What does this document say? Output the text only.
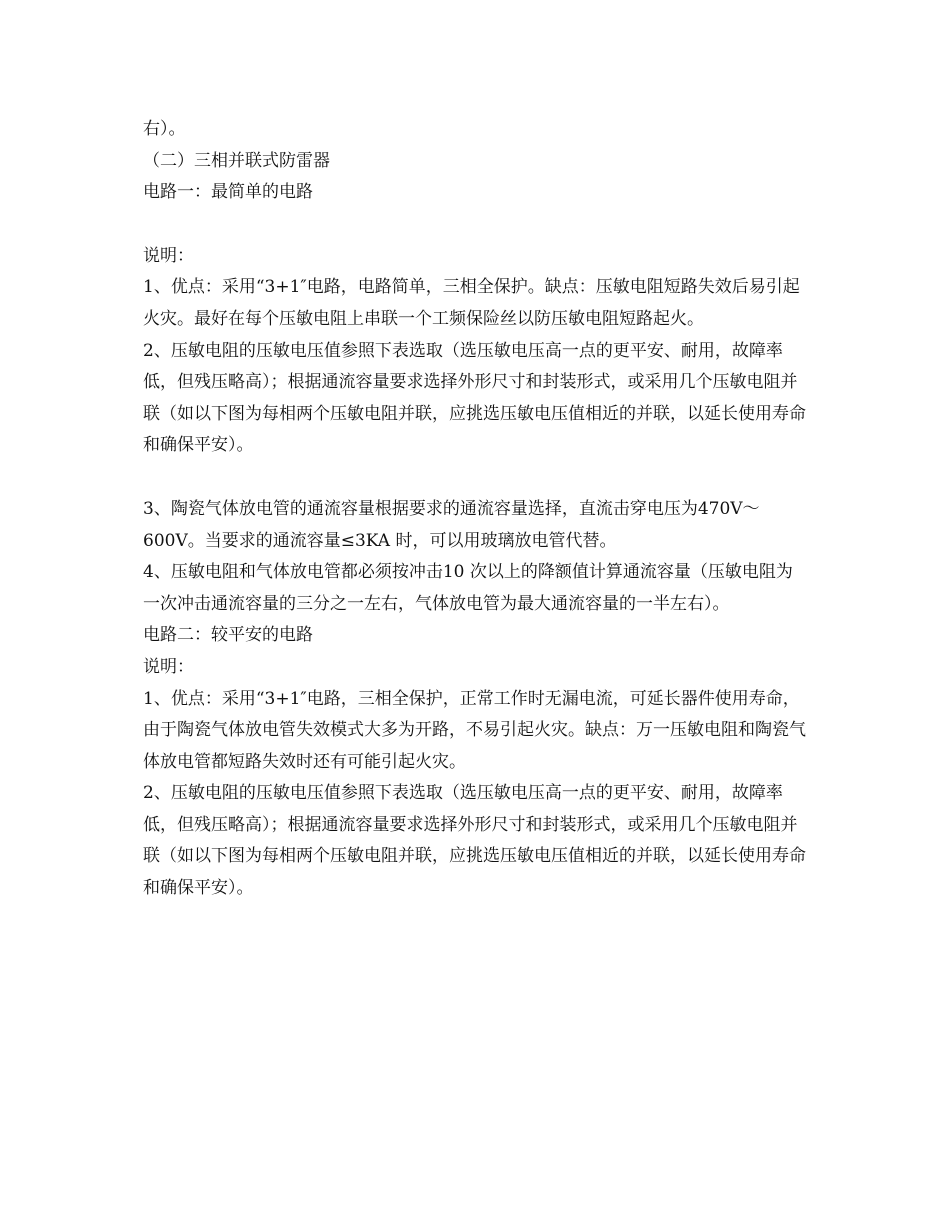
右）。

（二）三相并联式防雷器

电路一：最简单的电路

说明：

1、优点：采用“3+1″电路，电路简单，三相全保护。缺点：压敏电阻短路失效后易引起火灾。最好在每个压敏电阻上串联一个工频保险丝以防压敏电阻短路起火。

2、压敏电阻的压敏电压值参照下表选取（选压敏电压高一点的更平安、耐用，故障率低，但残压略高）；根据通流容量要求选择外形尺寸和封装形式，或采用几个压敏电阻并联（如以下图为每相两个压敏电阻并联，应挑选压敏电压值相近的并联，以延长使用寿命和确保平安）。

3、陶瓷气体放电管的通流容量根据要求的通流容量选择，直流击穿电压为470V～600V。当要求的通流容量≤3KA 时，可以用玻璃放电管代替。

4、压敏电阻和气体放电管都必须按冲击10 次以上的降额值计算通流容量（压敏电阻为一次冲击通流容量的三分之一左右，气体放电管为最大通流容量的一半左右）。

电路二：较平安的电路

说明：

1、优点：采用“3+1″电路，三相全保护，正常工作时无漏电流，可延长器件使用寿命，由于陶瓷气体放电管失效模式大多为开路，不易引起火灾。缺点：万一压敏电阻和陶瓷气体放电管都短路失效时还有可能引起火灾。

2、压敏电阻的压敏电压值参照下表选取（选压敏电压高一点的更平安、耐用，故障率低，但残压略高）；根据通流容量要求选择外形尺寸和封装形式，或采用几个压敏电阻并联（如以下图为每相两个压敏电阻并联，应挑选压敏电压值相近的并联，以延长使用寿命和确保平安）。
